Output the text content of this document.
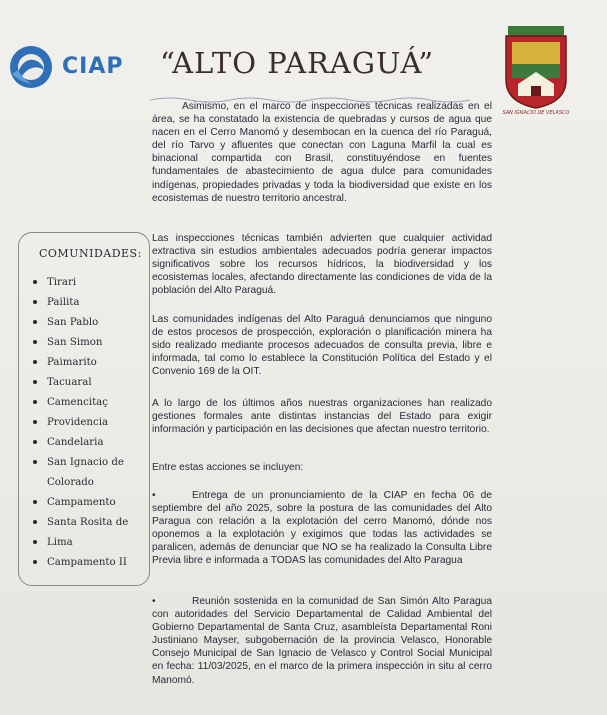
CIAP “ALTO PARAGUÁ”
SAN IGNACIO DE VELASCO
Asimismo, en el marco de inspecciones técnicas realizadas en el área, se ha constatado la existencia de quebradas y cursos de agua que nacen en el Cerro Manomó y desembocan en la cuenca del río Paraguá, del río Tarvo y afluentes que conectan con Laguna Marfil la cual es binacional compartida con Brasil, constituyéndose en fuentes fundamentales de abastecimiento de agua dulce para comunidades indígenas, propiedades privadas y toda la biodiversidad que existe en los ecosistemas de nuestro territorio ancestral.
Las inspecciones técnicas también advierten que cualquier actividad extractiva sin estudios ambientales adecuados podría generar impactos significativos sobre los recursos hídricos, la biodiversidad y los ecosistemas locales, afectando directamente las condiciones de vida de la población del Alto Paraguá.
Las comunidades indígenas del Alto Paraguá denunciamos que ninguno de estos procesos de prospección, exploración o planificación minera ha sido realizado mediante procesos adecuados de consulta previa, libre e informada, tal como lo establece la Constitución Política del Estado y el Convenio 169 de la OIT.
A lo largo de los últimos años nuestras organizaciones han realizado gestiones formales ante distintas instancias del Estado para exigir información y participación en las decisiones que afectan nuestro territorio.
Entre estas acciones se incluyen:
•	Entrega de un pronunciamiento de la CIAP en fecha 06 de septiembre del año 2025, sobre la postura de las comunidades del Alto Paragua con relación a la explotación del cerro Manomó, dónde nos oponemos a la explotación y exigimos que todas las actividades se paralicen, además de denunciar que NO se ha realizado la Consulta Libre Previa libre e informada a TODAS las comunidades del Alto Paragua
•	Reunión sostenida en la comunidad de San Simón Alto Paragua con autoridades del Servicio Departamental de Calidad Ambiental del Gobierno Departamental de Santa Cruz, asambleísta Departamental Roni Justiniano Mayser, subgobernación de la provincia Velasco, Honorable Consejo Municipal de San Ignacio de Velasco y Control Social Municipal en fecha: 11/03/2025, en el marco de la primera inspección in situ al cerro Manomó.
COMUNIDADES:
Tirari
Pailita
San Pablo
San Simon
Paimarito
Tacuaral
Camencitaç
Providencia
Candelaria
San Ignacio de
Colorado
Campamento
Santa Rosita de
Lima
Campamento II
